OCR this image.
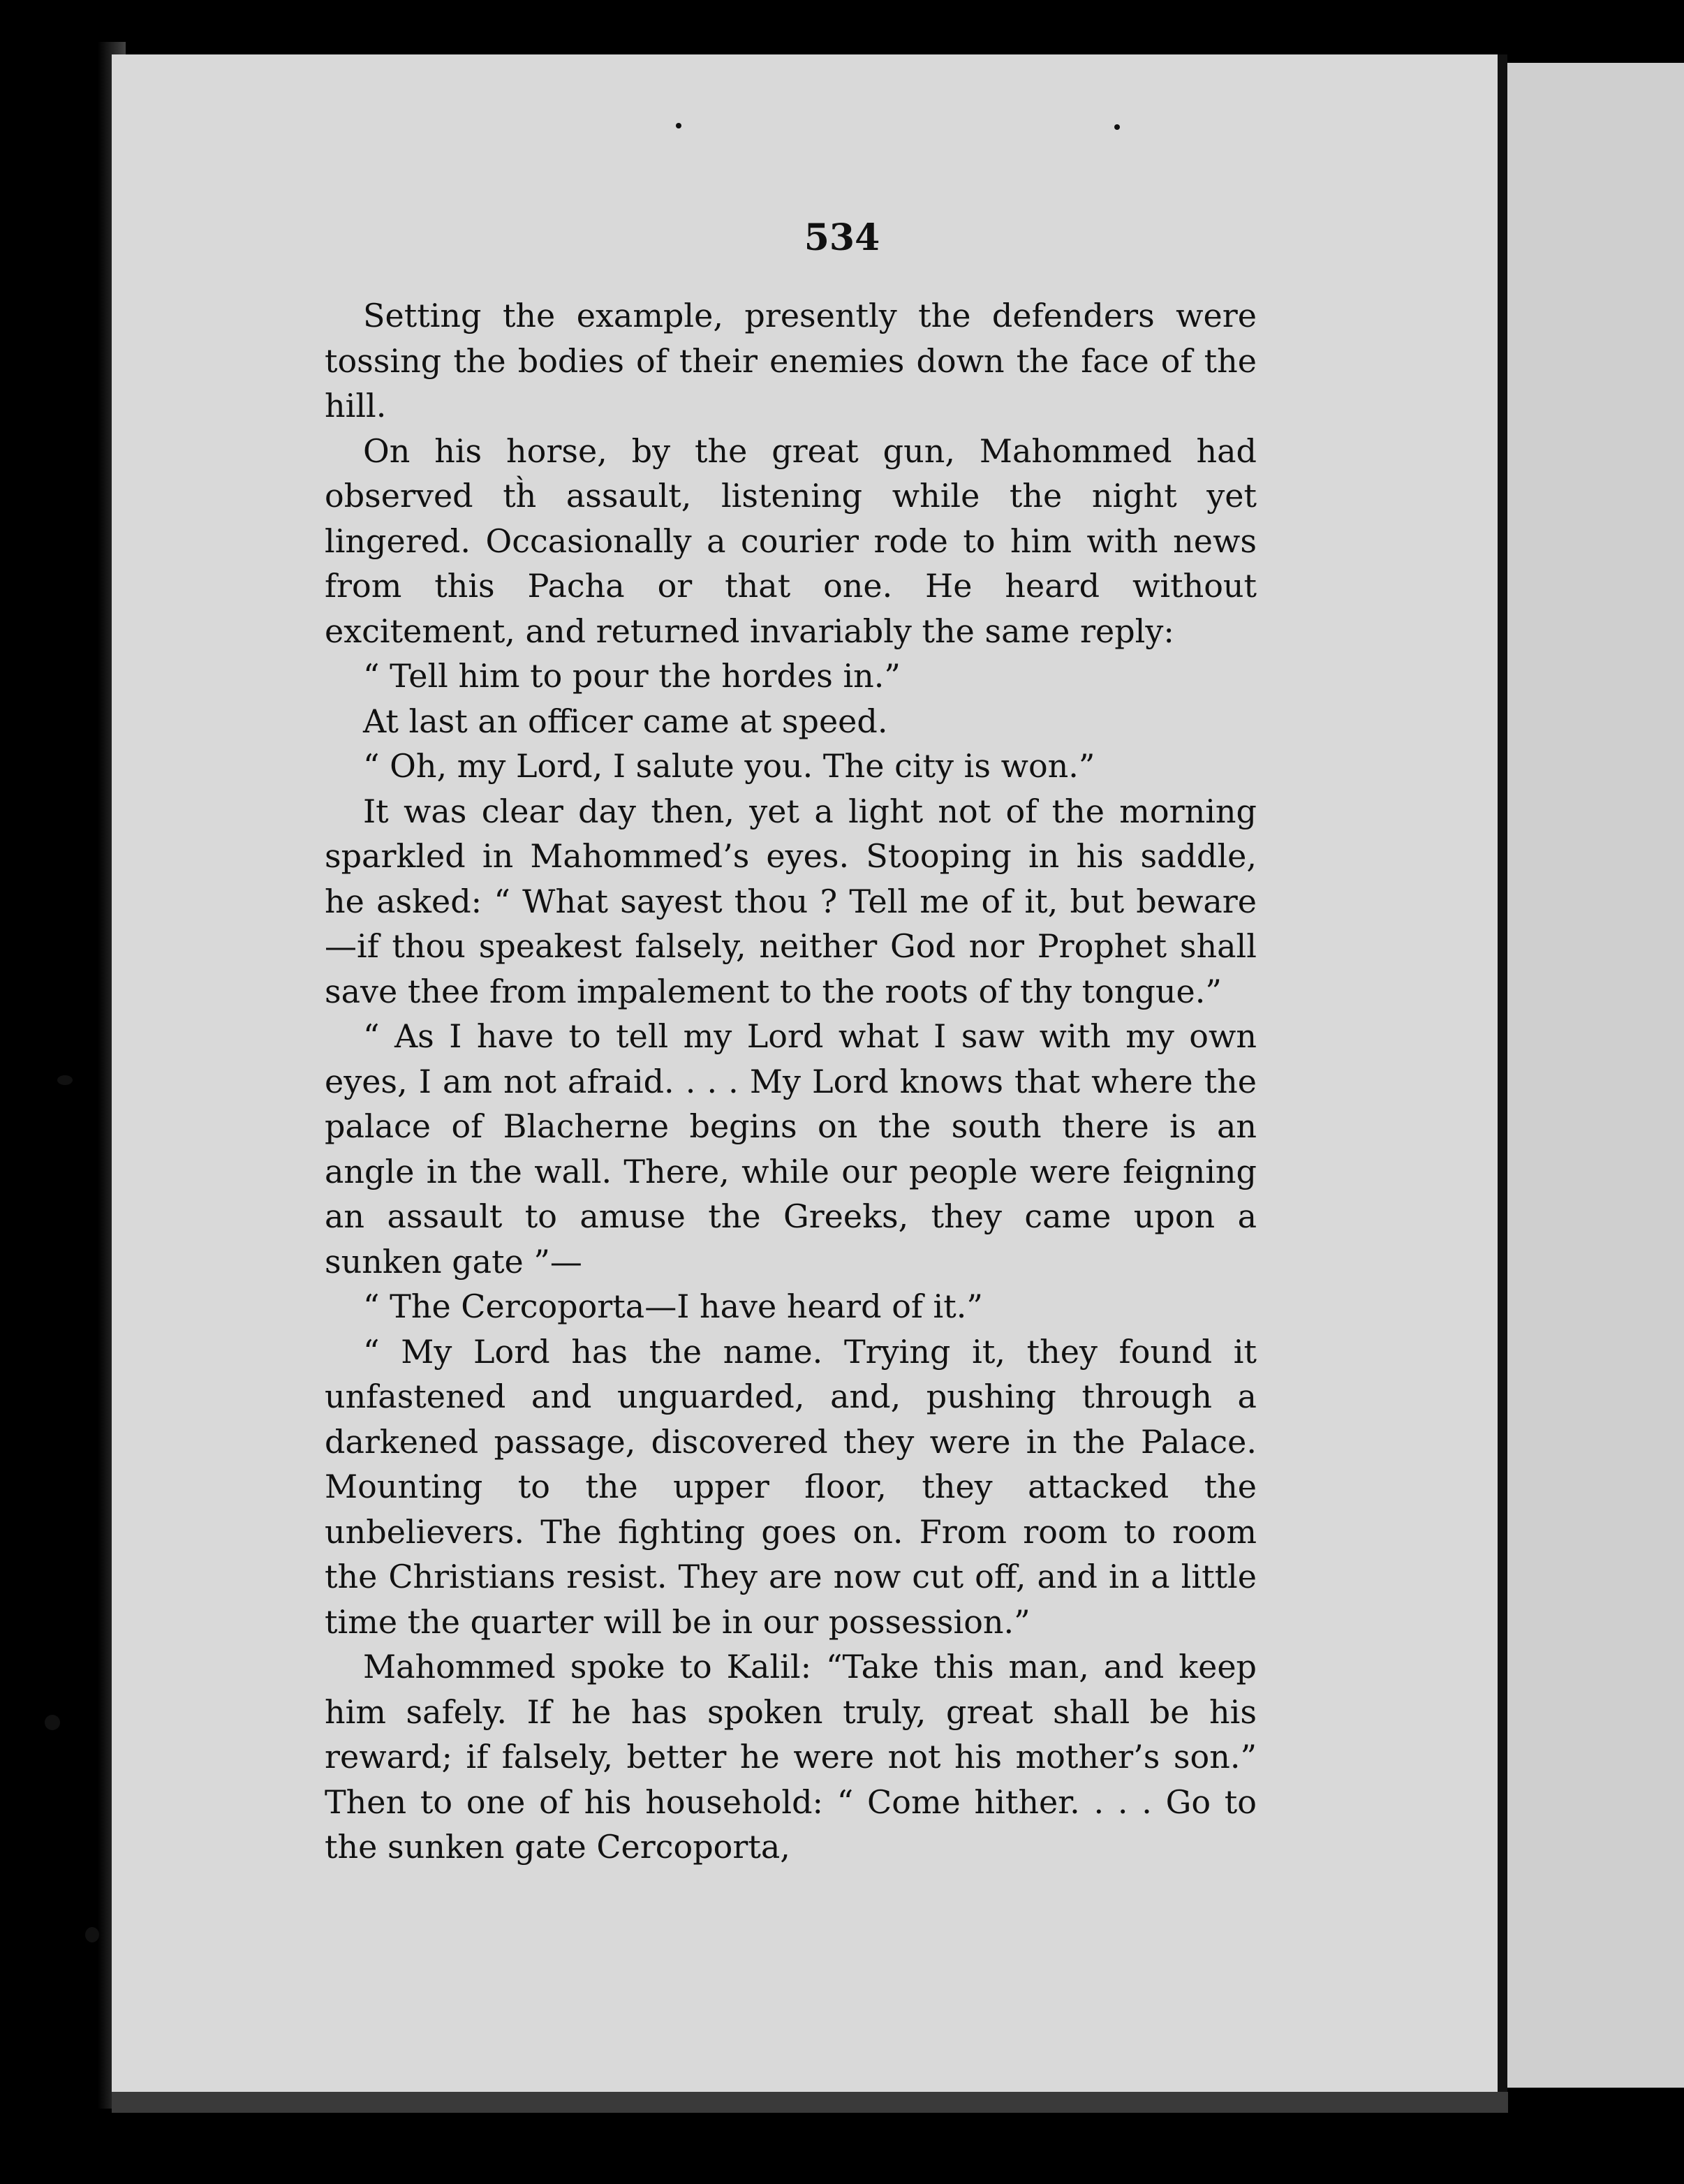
534

Setting the example, presently the defenders were tossing the bodies of their enemies down the face of the hill.

On his horse, by the great gun, Mahommed had observed th̀ assault, listening while the night yet lingered. Occasionally a courier rode to him with news from this Pacha or that one. He heard without excitement, and returned invariably the same reply:

“ Tell him to pour the hordes in.”

At last an officer came at speed.

“ Oh, my Lord, I salute you. The city is won.”

It was clear day then, yet a light not of the morning sparkled in Mahommed’s eyes. Stooping in his saddle, he asked: “ What sayest thou ? Tell me of it, but beware—if thou speakest falsely, neither God nor Prophet shall save thee from impalement to the roots of thy tongue.”

“ As I have to tell my Lord what I saw with my own eyes, I am not afraid. . . . My Lord knows that where the palace of Blacherne begins on the south there is an angle in the wall. There, while our people were feigning an assault to amuse the Greeks, they came upon a sunken gate ”—

“ The Cercoporta—I have heard of it.”

“ My Lord has the name. Trying it, they found it unfastened and unguarded, and, pushing through a darkened passage, discovered they were in the Palace. Mounting to the upper floor, they attacked the unbelievers. The fighting goes on. From room to room the Christians resist. They are now cut off, and in a little time the quarter will be in our possession.”

Mahommed spoke to Kalil: “Take this man, and keep him safely. If he has spoken truly, great shall be his reward; if falsely, better he were not his mother’s son.” Then to one of his household: “ Come hither. . . . Go to the sunken gate Cercoporta,
